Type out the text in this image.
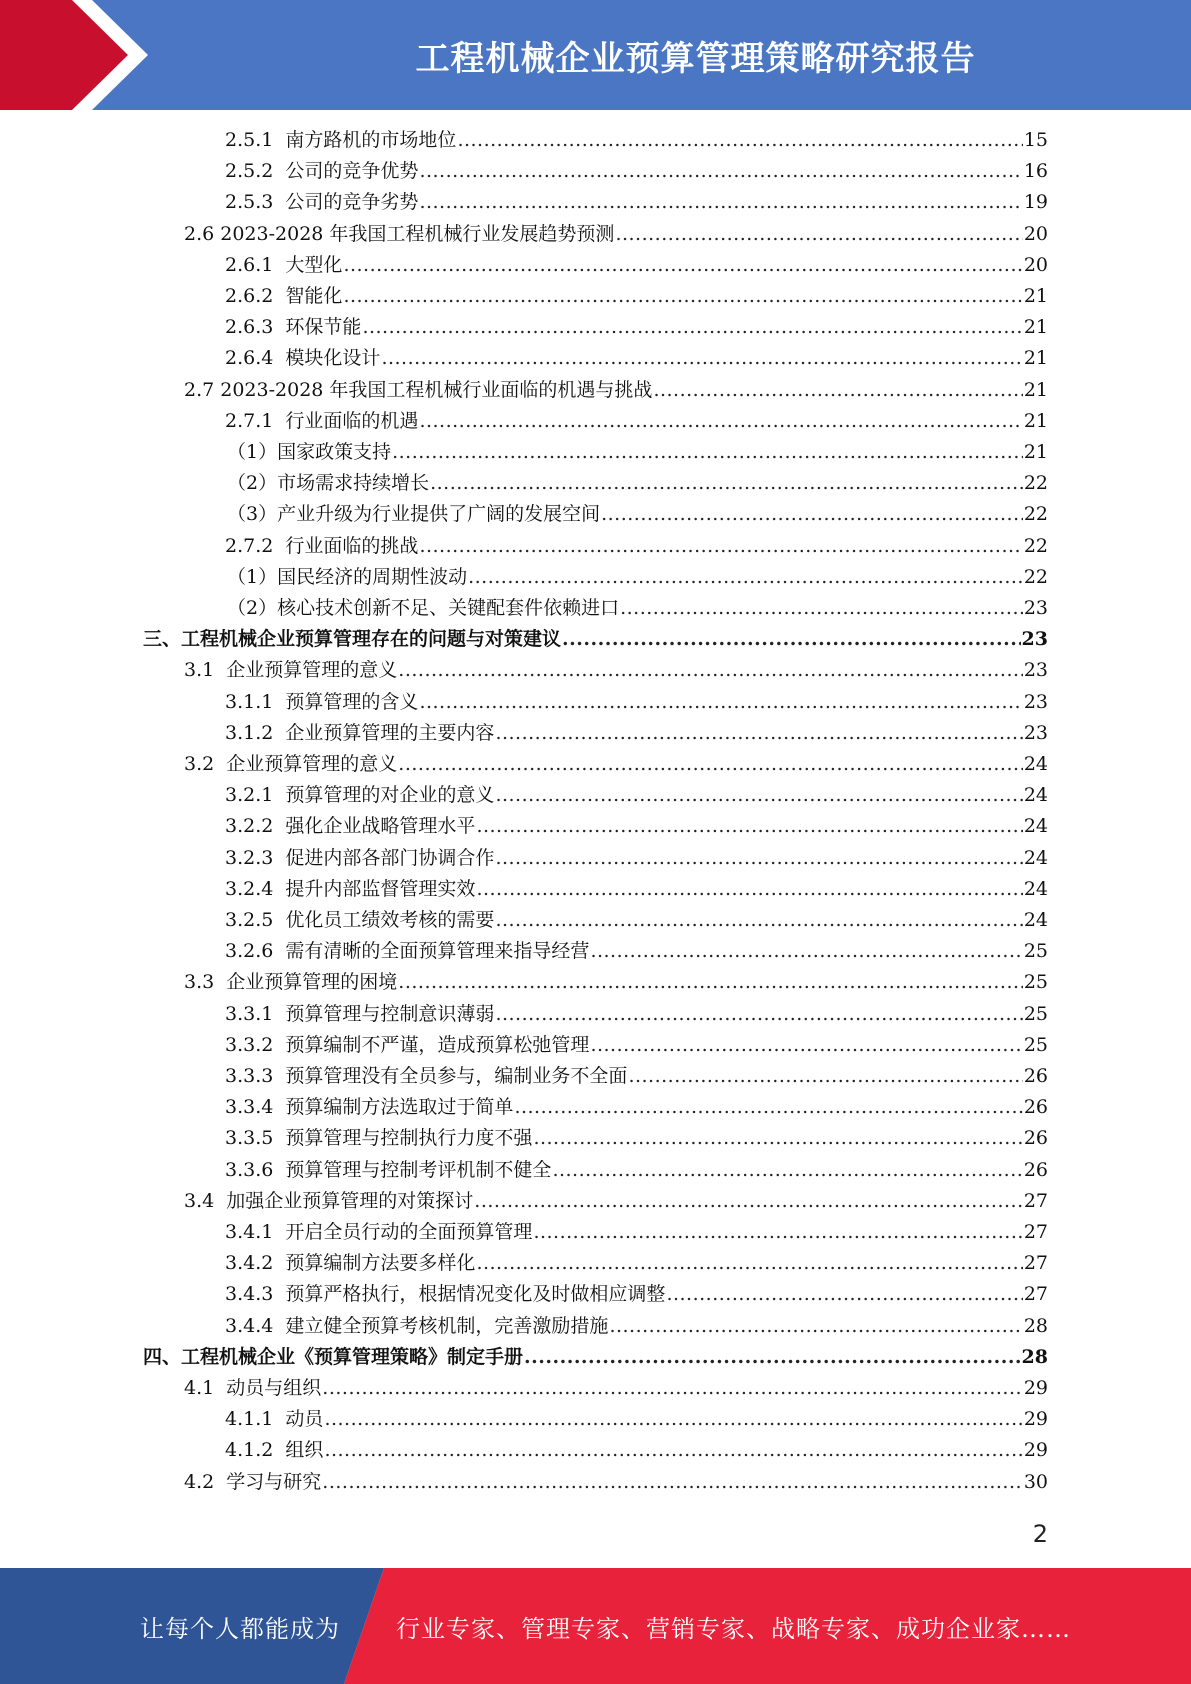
工程机械企业预算管理策略研究报告
2.5.1  南方路机的市场地位 .....	15
2.5.2  公司的竞争优势 .....	16
2.5.3  公司的竞争劣势 .....	19
2.6 2023-2028 年我国工程机械行业发展趋势预测 .....	20
2.6.1  大型化 .....	20
2.6.2  智能化 .....	21
2.6.3  环保节能 .....	21
2.6.4  模块化设计 .....	21
2.7 2023-2028 年我国工程机械行业面临的机遇与挑战 .....	21
2.7.1  行业面临的机遇 .....	21
（1）国家政策支持 .....	21
（2）市场需求持续增长 .....	22
（3）产业升级为行业提供了广阔的发展空间 .....	22
2.7.2  行业面临的挑战 .....	22
（1）国民经济的周期性波动 .....	22
（2）核心技术创新不足、关键配套件依赖进口 .....	23
三、工程机械企业预算管理存在的问题与对策建议 .....	23
3.1  企业预算管理的意义 .....	23
3.1.1  预算管理的含义 .....	23
3.1.2  企业预算管理的主要内容 .....	23
3.2  企业预算管理的意义 .....	24
3.2.1  预算管理的对企业的意义 .....	24
3.2.2  强化企业战略管理水平 .....	24
3.2.3  促进内部各部门协调合作 .....	24
3.2.4  提升内部监督管理实效 .....	24
3.2.5  优化员工绩效考核的需要 .....	24
3.2.6  需有清晰的全面预算管理来指导经营 .....	25
3.3  企业预算管理的困境 .....	25
3.3.1  预算管理与控制意识薄弱 .....	25
3.3.2  预算编制不严谨，造成预算松弛管理 .....	25
3.3.3  预算管理没有全员参与，编制业务不全面 .....	26
3.3.4  预算编制方法选取过于简单 .....	26
3.3.5  预算管理与控制执行力度不强 .....	26
3.3.6  预算管理与控制考评机制不健全 .....	26
3.4  加强企业预算管理的对策探讨 .....	27
3.4.1  开启全员行动的全面预算管理 .....	27
3.4.2  预算编制方法要多样化 .....	27
3.4.3  预算严格执行，根据情况变化及时做相应调整 .....	27
3.4.4  建立健全预算考核机制，完善激励措施 .....	28
四、工程机械企业《预算管理策略》制定手册 .....	28
4.1  动员与组织 .....	29
4.1.1  动员 .....	29
4.1.2  组织 .....	29
4.2  学习与研究 .....	30
2
让每个人都能成为 行业专家、管理专家、营销专家、战略专家、成功企业家……
